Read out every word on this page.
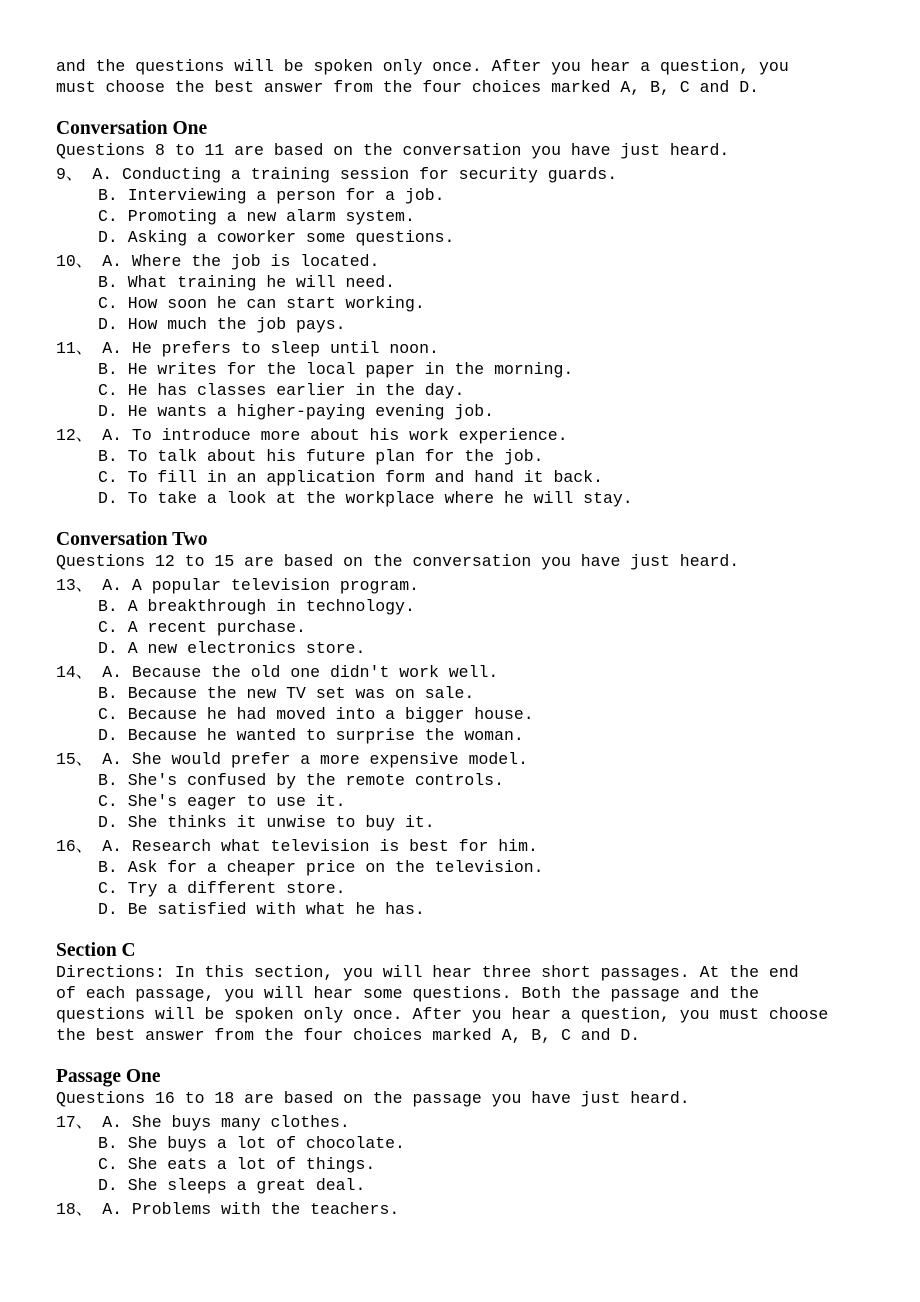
and the questions will be spoken only once. After you hear a question, you
must choose the best answer from the four choices marked A, B, C and D.
Conversation One
Questions 8 to 11 are based on the conversation you have just heard.
9、 A. Conducting a training session for security guards.
B. Interviewing a person for a job.
C. Promoting a new alarm system.
D. Asking a coworker some questions.
10、 A. Where the job is located.
B. What training he will need.
C. How soon he can start working.
D. How much the job pays.
11、 A. He prefers to sleep until noon.
B. He writes for the local paper in the morning.
C. He has classes earlier in the day.
D. He wants a higher-paying evening job.
12、 A. To introduce more about his work experience.
B. To talk about his future plan for the job.
C. To fill in an application form and hand it back.
D. To take a look at the workplace where he will stay.
Conversation Two
Questions 12 to 15 are based on the conversation you have just heard.
13、 A. A popular television program.
B. A breakthrough in technology.
C. A recent purchase.
D. A new electronics store.
14、 A. Because the old one didn't work well.
B. Because the new TV set was on sale.
C. Because he had moved into a bigger house.
D. Because he wanted to surprise the woman.
15、 A. She would prefer a more expensive model.
B. She's confused by the remote controls.
C. She's eager to use it.
D. She thinks it unwise to buy it.
16、 A. Research what television is best for him.
B. Ask for a cheaper price on the television.
C. Try a different store.
D. Be satisfied with what he has.
Section C
Directions: In this section, you will hear three short passages. At the end
of each passage, you will hear some questions. Both the passage and the
questions will be spoken only once. After you hear a question, you must choose
the best answer from the four choices marked A, B, C and D.
Passage One
Questions 16 to 18 are based on the passage you have just heard.
17、 A. She buys many clothes.
B. She buys a lot of chocolate.
C. She eats a lot of things.
D. She sleeps a great deal.
18、 A. Problems with the teachers.
